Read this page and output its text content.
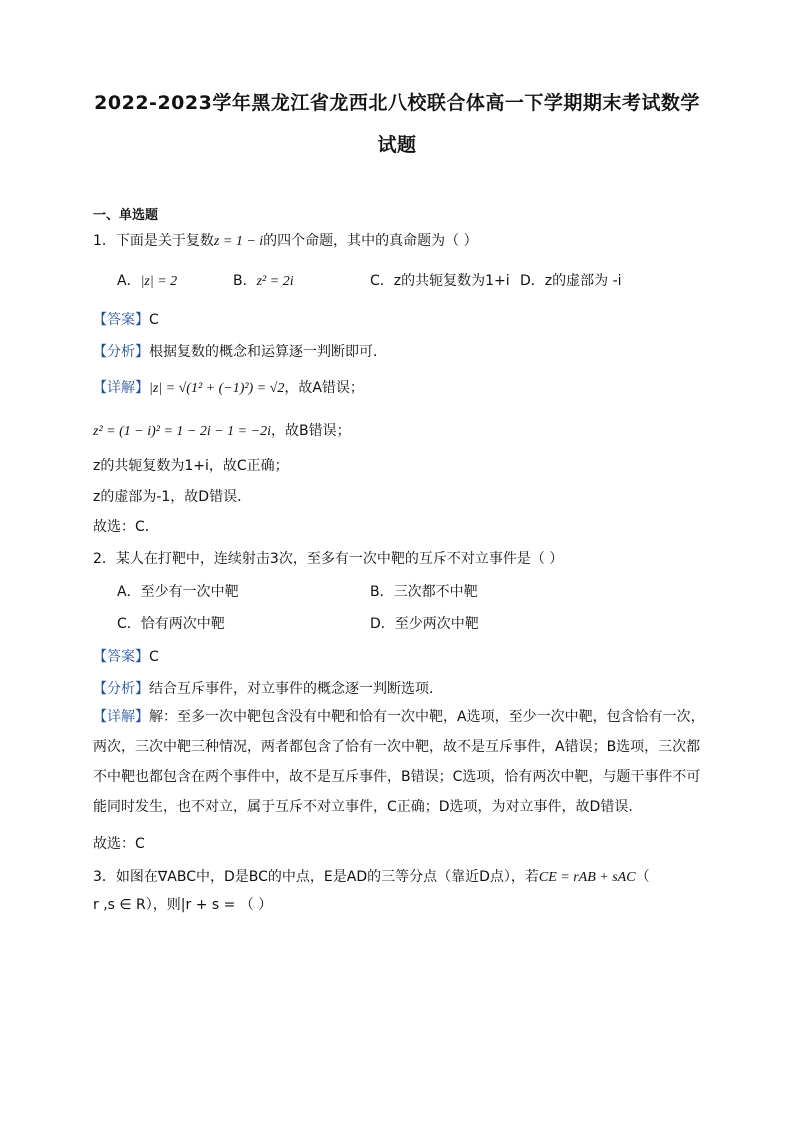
2022-2023学年黑龙江省龙西北八校联合体高一下学期期末考试数学
试题
一、单选题
1．下面是关于复数z = 1 − i的四个命题，其中的真命题为（ ）
A．|z| = 2	B．z² = 2i	C．z的共轭复数为1+i D．z的虚部为 -i
【答案】C
【分析】根据复数的概念和运算逐一判断即可．
【详解】|z| = √(1² + (−1)²) = √2，故A错误；
z² = (1 − i)² = 1 − 2i − 1 = −2i，故B错误；
z的共轭复数为1+i，故C正确；
z的虚部为-1，故D错误．
故选：C．
2．某人在打靶中，连续射击3次，至多有一次中靶的互斥不对立事件是（ ）
A．至少有一次中靶	B．三次都不中靶
C．恰有两次中靶	D．至少两次中靶
【答案】C
【分析】结合互斥事件，对立事件的概念逐一判断选项.
【详解】解：至多一次中靶包含没有中靶和恰有一次中靶，A选项，至少一次中靶，包含恰有一次，两次，三次中靶三种情况，两者都包含了恰有一次中靶，故不是互斥事件，A错误；B选项，三次都不中靶也都包含在两个事件中，故不是互斥事件，B错误；C选项，恰有两次中靶，与题干事件不可能同时发生，也不对立，属于互斥不对立事件，C正确；D选项，为对立事件，故D错误.
故选：C
3．如图在∇ABC中，D是BC的中点，E是AD的三等分点（靠近D点），若CE = rAB + sAC（
r ,s ∈ R），则|r + s = （ ）
